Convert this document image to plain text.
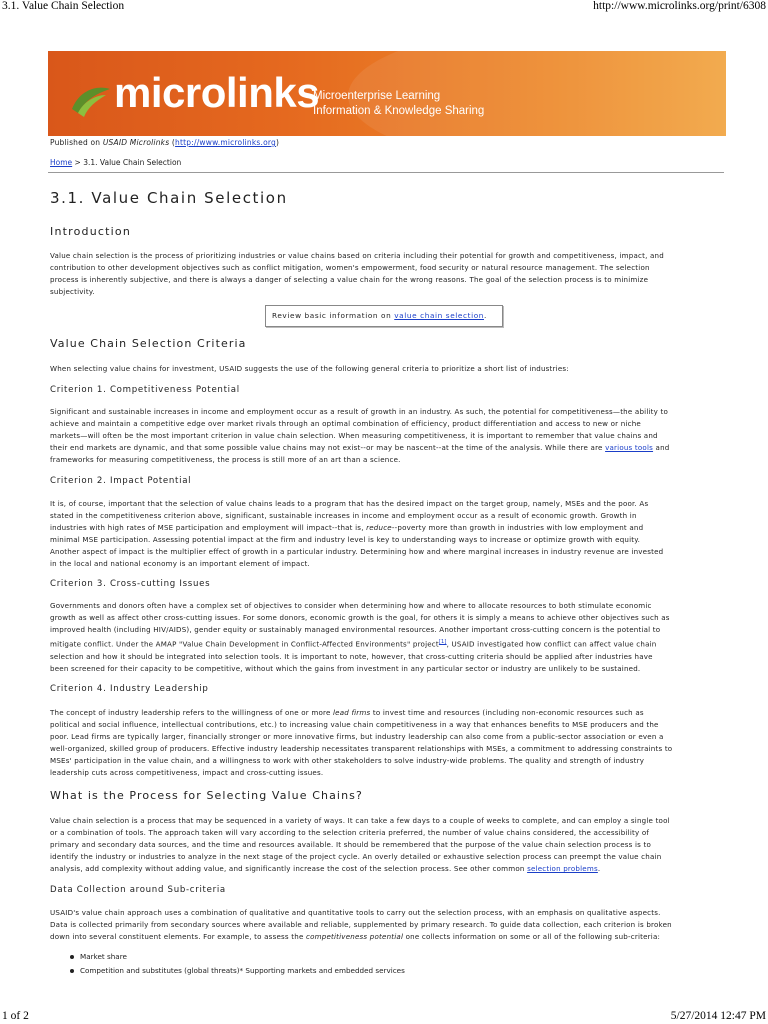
3.1. Value Chain Selection	http://www.microlinks.org/print/6308
microlinks
Microenterprise Learning
Information & Knowledge Sharing
Published on USAID Microlinks (http://www.microlinks.org)
Home > 3.1. Value Chain Selection
3.1. Value Chain Selection
Introduction
Value chain selection is the process of prioritizing industries or value chains based on criteria including their potential for growth and competitiveness, impact, and
contribution to other development objectives such as conflict mitigation, women's empowerment, food security or natural resource management. The selection
process is inherently subjective, and there is always a danger of selecting a value chain for the wrong reasons. The goal of the selection process is to minimize
subjectivity.
Review basic information on value chain selection.
Value Chain Selection Criteria
When selecting value chains for investment, USAID suggests the use of the following general criteria to prioritize a short list of industries:
Criterion 1. Competitiveness Potential
Significant and sustainable increases in income and employment occur as a result of growth in an industry. As such, the potential for competitiveness—the ability to
achieve and maintain a competitive edge over market rivals through an optimal combination of efficiency, product differentiation and access to new or niche
markets—will often be the most important criterion in value chain selection. When measuring competitiveness, it is important to remember that value chains and
their end markets are dynamic, and that some possible value chains may not exist--or may be nascent--at the time of the analysis. While there are various tools and
frameworks for measuring competitiveness, the process is still more of an art than a science.
Criterion 2. Impact Potential
It is, of course, important that the selection of value chains leads to a program that has the desired impact on the target group, namely, MSEs and the poor. As
stated in the competitiveness criterion above, significant, sustainable increases in income and employment occur as a result of economic growth. Growth in
industries with high rates of MSE participation and employment will impact--that is, reduce--poverty more than growth in industries with low employment and
minimal MSE participation. Assessing potential impact at the firm and industry level is key to understanding ways to increase or optimize growth with equity.
Another aspect of impact is the multiplier effect of growth in a particular industry. Determining how and where marginal increases in industry revenue are invested
in the local and national economy is an important element of impact.
Criterion 3. Cross-cutting Issues
Governments and donors often have a complex set of objectives to consider when determining how and where to allocate resources to both stimulate economic
growth as well as affect other cross-cutting issues. For some donors, economic growth is the goal, for others it is simply a means to achieve other objectives such as
improved health (including HIV/AIDS), gender equity or sustainably managed environmental resources. Another important cross-cutting concern is the potential to
mitigate conflict. Under the AMAP "Value Chain Development in Conflict-Affected Environments" project[1], USAID investigated how conflict can affect value chain
selection and how it should be integrated into selection tools. It is important to note, however, that cross-cutting criteria should be applied after industries have
been screened for their capacity to be competitive, without which the gains from investment in any particular sector or industry are unlikely to be sustained.
Criterion 4. Industry Leadership
The concept of industry leadership refers to the willingness of one or more lead firms to invest time and resources (including non-economic resources such as
political and social influence, intellectual contributions, etc.) to increasing value chain competitiveness in a way that enhances benefits to MSE producers and the
poor. Lead firms are typically larger, financially stronger or more innovative firms, but industry leadership can also come from a public-sector association or even a
well-organized, skilled group of producers. Effective industry leadership necessitates transparent relationships with MSEs, a commitment to addressing constraints to
MSEs' participation in the value chain, and a willingness to work with other stakeholders to solve industry-wide problems. The quality and strength of industry
leadership cuts across competitiveness, impact and cross-cutting issues.
What is the Process for Selecting Value Chains?
Value chain selection is a process that may be sequenced in a variety of ways. It can take a few days to a couple of weeks to complete, and can employ a single tool
or a combination of tools. The approach taken will vary according to the selection criteria preferred, the number of value chains considered, the accessibility of
primary and secondary data sources, and the time and resources available. It should be remembered that the purpose of the value chain selection process is to
identify the industry or industries to analyze in the next stage of the project cycle. An overly detailed or exhaustive selection process can preempt the value chain
analysis, add complexity without adding value, and significantly increase the cost of the selection process. See other common selection problems.
Data Collection around Sub-criteria
USAID's value chain approach uses a combination of qualitative and quantitative tools to carry out the selection process, with an emphasis on qualitative aspects.
Data is collected primarily from secondary sources where available and reliable, supplemented by primary research. To guide data collection, each criterion is broken
down into several constituent elements. For example, to assess the competitiveness potential one collects information on some or all of the following sub-criteria:
Market share
Competition and substitutes (global threats)* Supporting markets and embedded services
1 of 2	5/27/2014 12:47 PM
